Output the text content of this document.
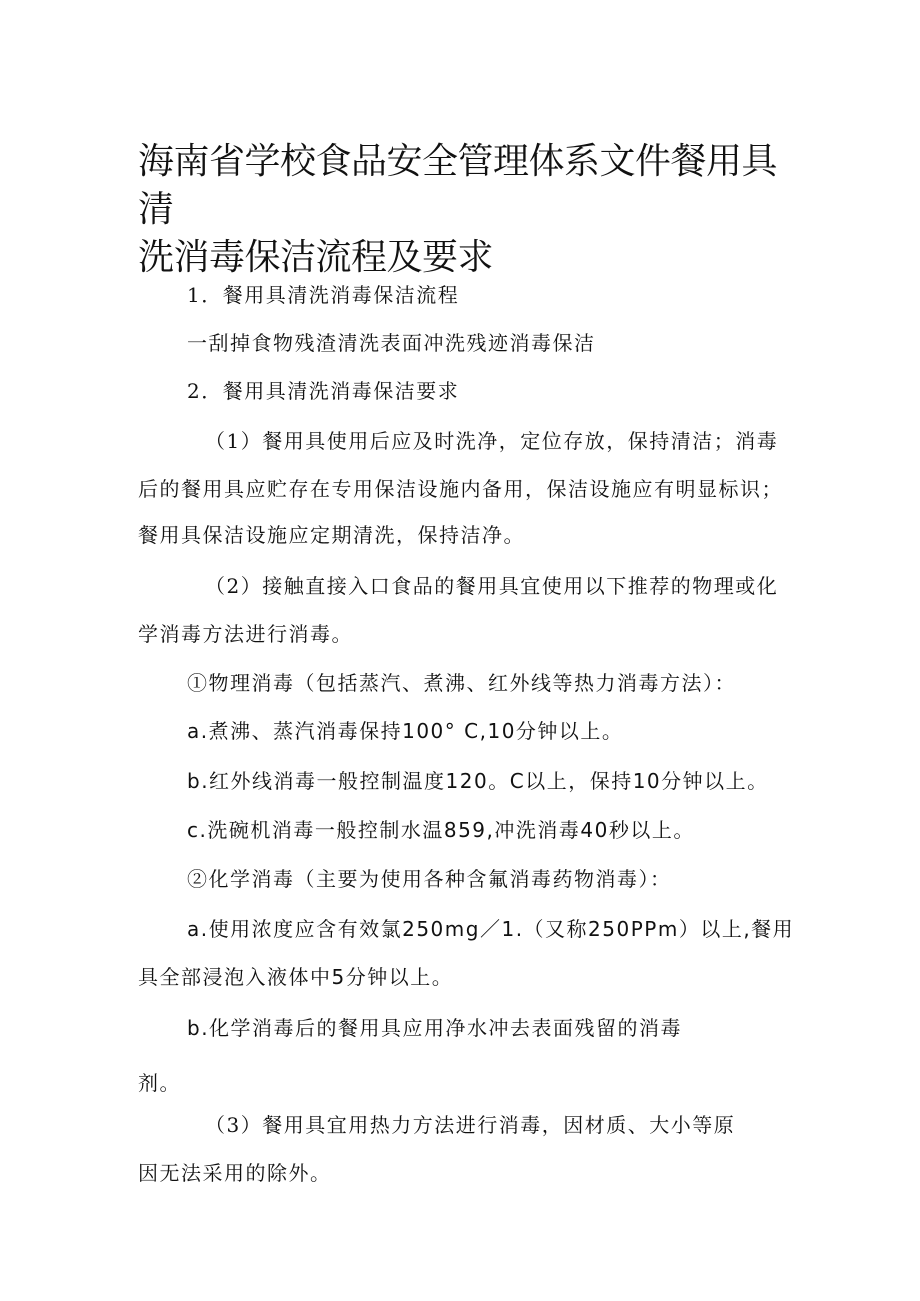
海南省学校食品安全管理体系文件餐用具清
洗消毒保洁流程及要求
1．餐用具清洗消毒保洁流程
一刮掉食物残渣清洗表面冲洗残迹消毒保洁
2．餐用具清洗消毒保洁要求
（1）餐用具使用后应及时洗净，定位存放，保持清洁；消毒
后的餐用具应贮存在专用保洁设施内备用，保洁设施应有明显标识；
餐用具保洁设施应定期清洗，保持洁净。
（2）接触直接入口食品的餐用具宜使用以下推荐的物理或化
学消毒方法进行消毒。
①物理消毒（包括蒸汽、煮沸、红外线等热力消毒方法）：
a.煮沸、蒸汽消毒保持100° C,10分钟以上。
b.红外线消毒一般控制温度120。C以上，保持10分钟以上。
c.洗碗机消毒一般控制水温859,冲洗消毒40秒以上。
②化学消毒（主要为使用各种含氟消毒药物消毒）：
a.使用浓度应含有效氯250mg／1.（又称250PPm）以上,餐用
具全部浸泡入液体中5分钟以上。
b.化学消毒后的餐用具应用净水冲去表面残留的消毒
剂。
（3）餐用具宜用热力方法进行消毒，因材质、大小等原
因无法采用的除外。
